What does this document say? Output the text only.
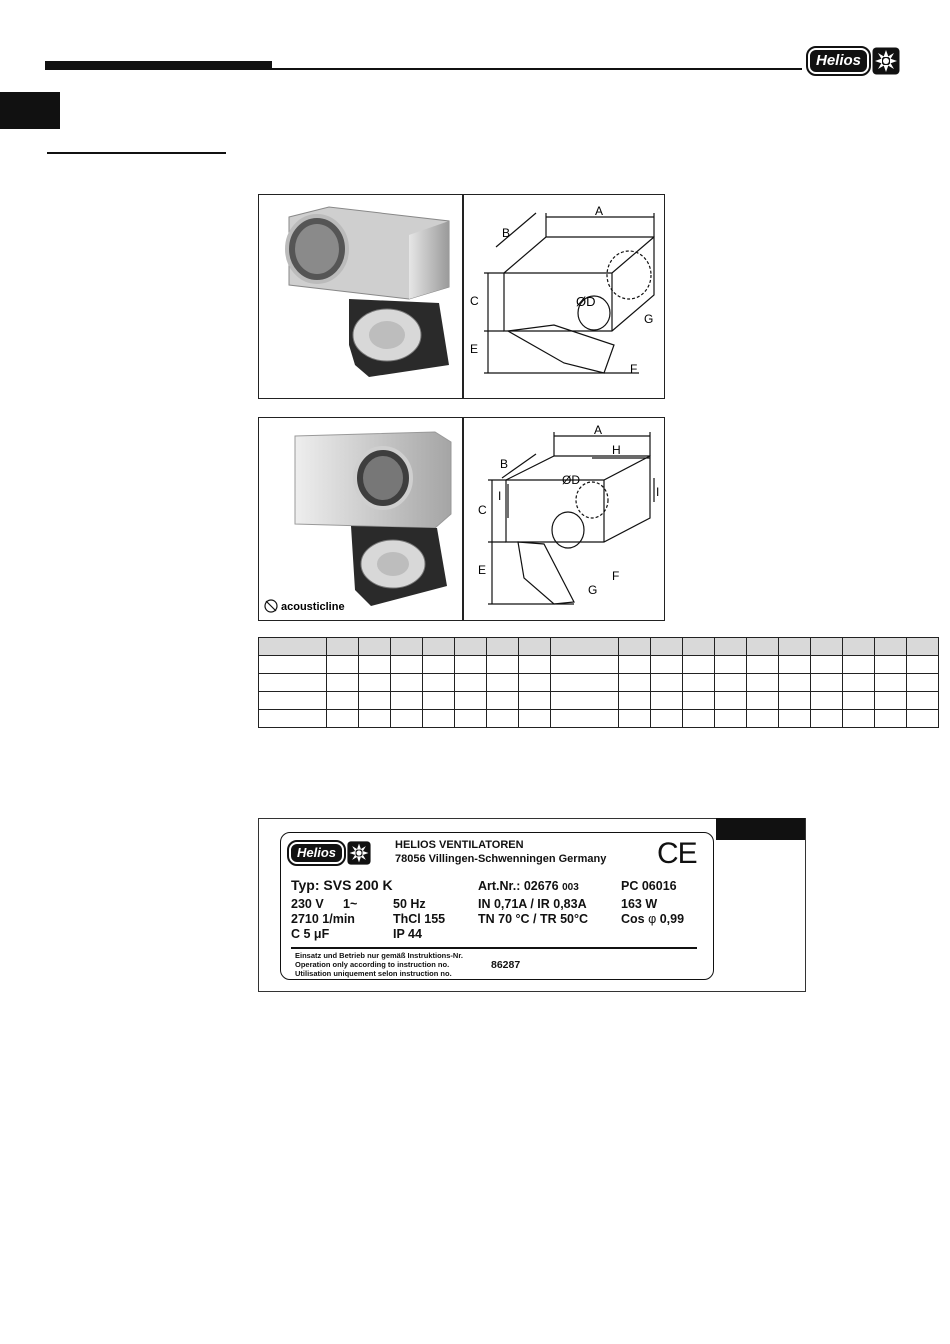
Helios
A
B
C	ØD
E
F
G
acousticline
A
B
C
ØD
E	F
G
H
I	I

Helios	HELIOS VENTILATOREN
78056 Villingen-Schwenningen Germany CE
Typ: SVS 200 K	Art.Nr.: 02676 003	PC 06016
230 V 1~	50 Hz	IN 0,71A / IR 0,83A	163 W
2710 1/min	ThCl 155	TN 70 °C / TR 50°C	Cos φ 0,99
C 5 μF	IP 44
Einsatz und Betrieb nur gemäß Instruktions-Nr.
Operation only according to instruction no.
Utilisation uniquement selon instruction no.
86287
